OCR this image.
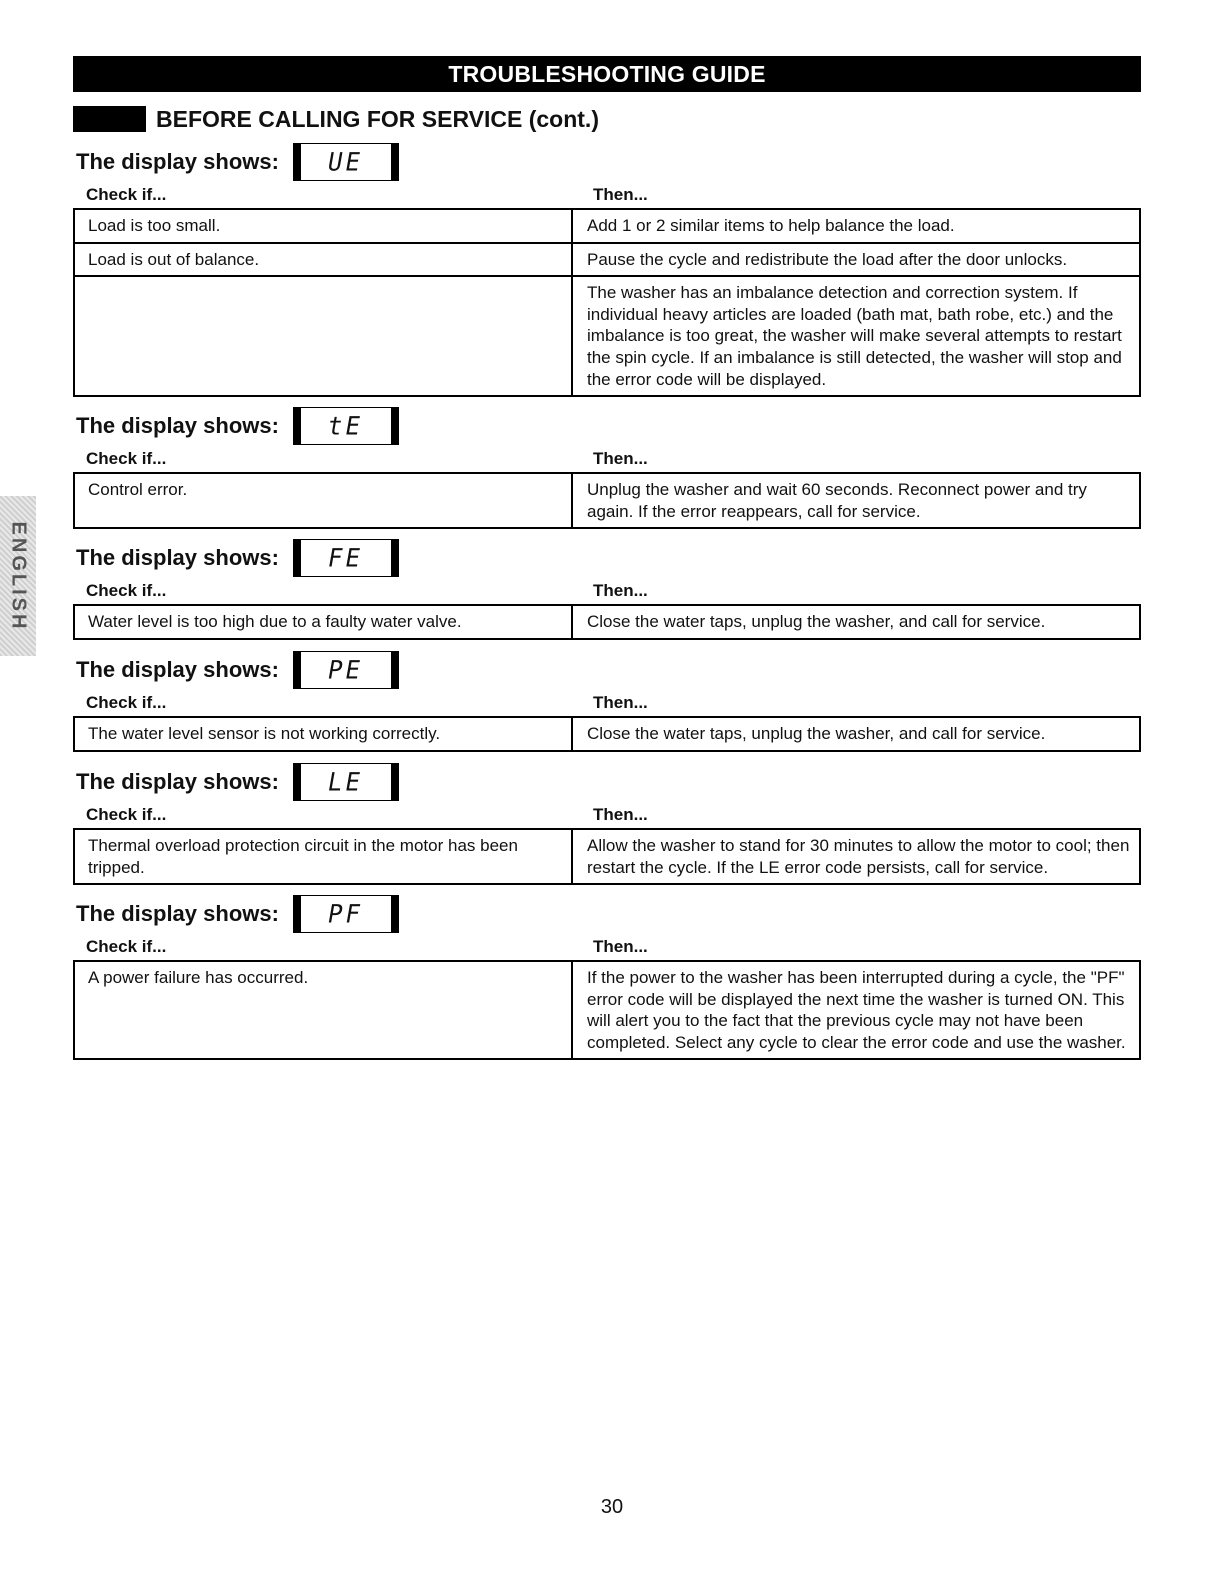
TROUBLESHOOTING GUIDE
BEFORE CALLING FOR SERVICE (cont.)
ENGLISH
The display shows: UE
Check if...	Then...
Load is too small.	Add 1 or 2 similar items to help balance the load.
Load is out of balance.	Pause the cycle and redistribute the load after the door unlocks.
	The washer has an imbalance detection and correction system. If individual heavy articles are loaded (bath mat, bath robe, etc.) and the imbalance is too great, the washer will make several attempts to restart the spin cycle. If an imbalance is still detected, the washer will stop and the error code will be displayed.
The display shows: tE
Check if...	Then...
Control error.	Unplug the washer and wait 60 seconds. Reconnect power and try again. If the error reappears, call for service.
The display shows: FE
Check if...	Then...
Water level is too high due to a faulty water valve.	Close the water taps, unplug the washer, and call for service.
The display shows: PE
Check if...	Then...
The water level sensor is not working correctly.	Close the water taps, unplug the washer, and call for service.
The display shows: LE
Check if...	Then...
Thermal overload protection circuit in the motor has been tripped.	Allow the washer to stand for 30 minutes to allow the motor to cool; then restart the cycle. If the LE error code persists, call for service.
The display shows: PF
Check if...	Then...
A power failure has occurred.	If the power to the washer has been interrupted during a cycle, the "PF" error code will be displayed the next time the washer is turned ON. This will alert you to the fact that the previous cycle may not have been completed. Select any cycle to clear the error code and use the washer.
30
